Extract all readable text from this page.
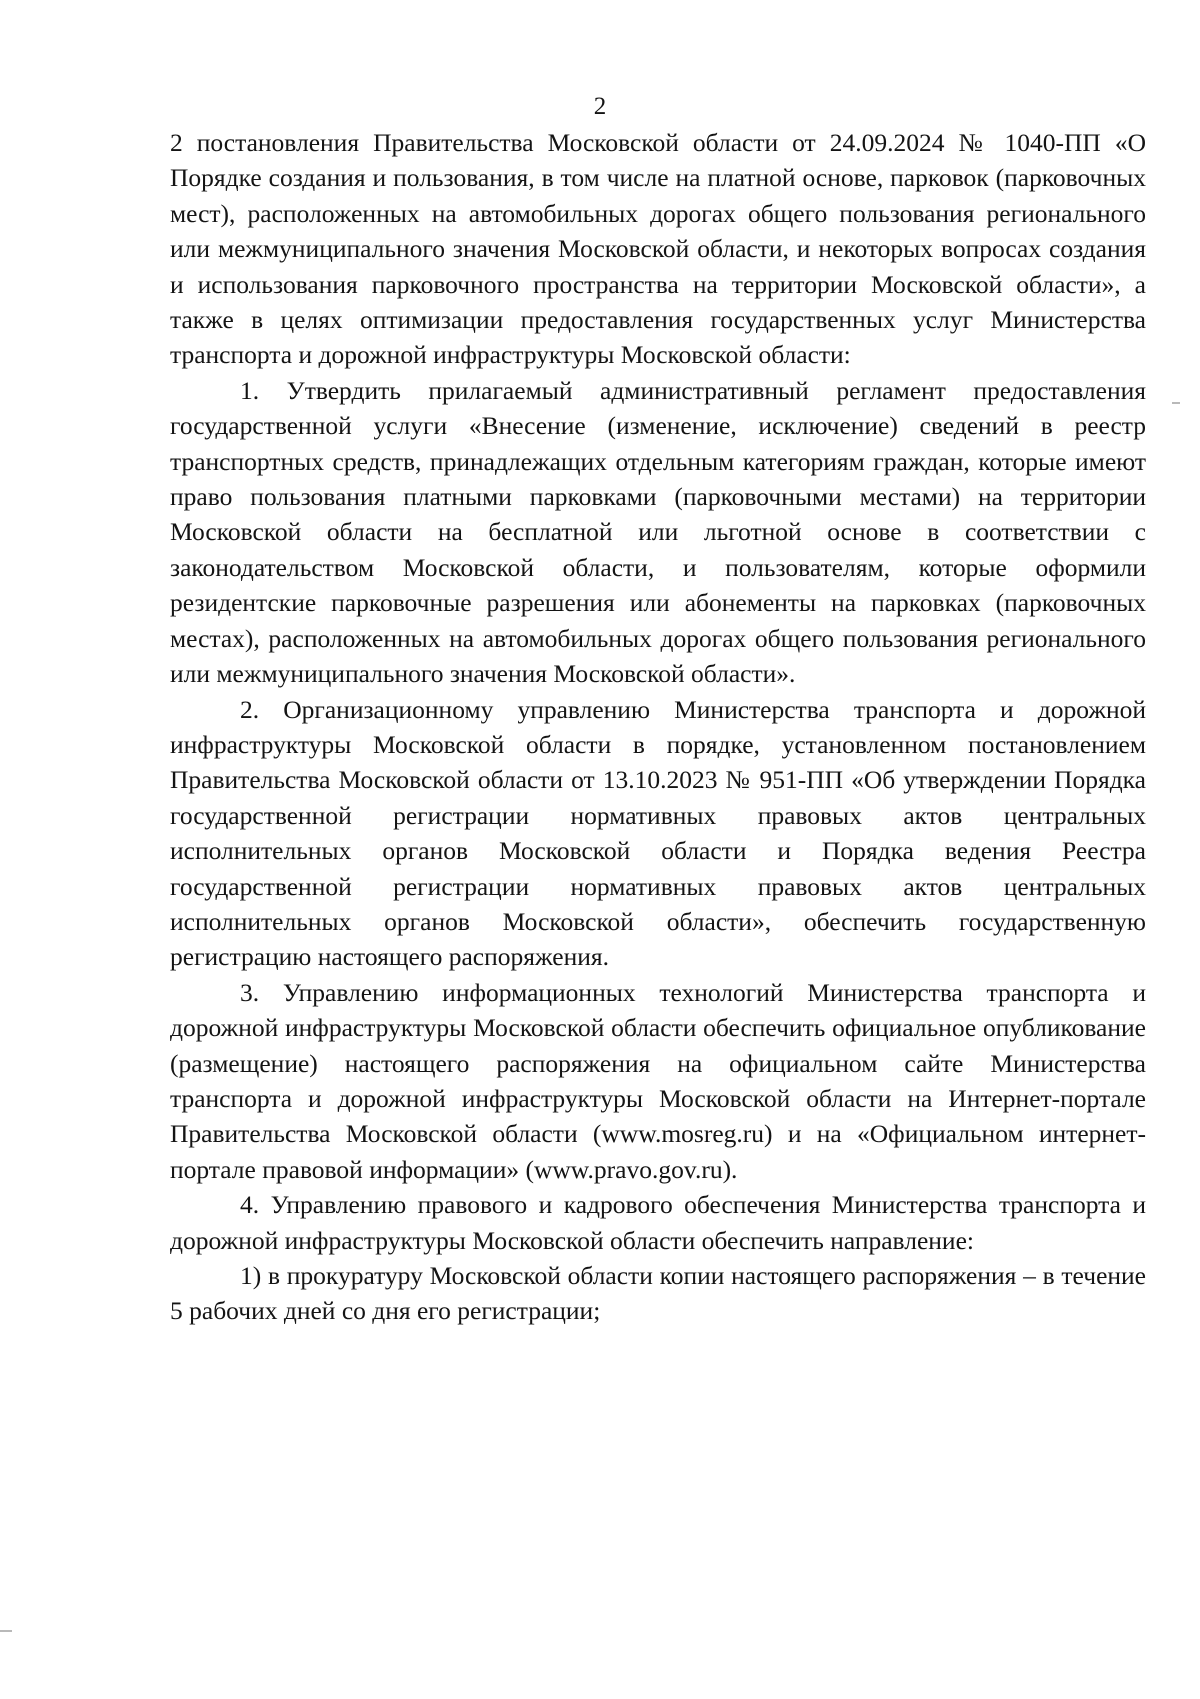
2

2 постановления Правительства Московской области от 24.09.2024 № 1040-ПП «О Порядке создания и пользования, в том числе на платной основе, парковок (парковочных мест), расположенных на автомобильных дорогах общего пользования регионального или межмуниципального значения Московской области, и некоторых вопросах создания и использования парковочного пространства на территории Московской области», а также в целях оптимизации предоставления государственных услуг Министерства транспорта и дорожной инфраструктуры Московской области:

1. Утвердить прилагаемый административный регламент предоставления государственной услуги «Внесение (изменение, исключение) сведений в реестр транспортных средств, принадлежащих отдельным категориям граждан, которые имеют право пользования платными парковками (парковочными местами) на территории Московской области на бесплатной или льготной основе в соответствии с законодательством Московской области, и пользователям, которые оформили резидентские парковочные разрешения или абонементы на парковках (парковочных местах), расположенных на автомобильных дорогах общего пользования регионального или межмуниципального значения Московской области».

2. Организационному управлению Министерства транспорта и дорожной инфраструктуры Московской области в порядке, установленном постановлением Правительства Московской области от 13.10.2023 № 951-ПП «Об утверждении Порядка государственной регистрации нормативных правовых актов центральных исполнительных органов Московской области и Порядка ведения Реестра государственной регистрации нормативных правовых актов центральных исполнительных органов Московской области», обеспечить государственную регистрацию настоящего распоряжения.

3. Управлению информационных технологий Министерства транспорта и дорожной инфраструктуры Московской области обеспечить официальное опубликование (размещение) настоящего распоряжения на официальном сайте Министерства транспорта и дорожной инфраструктуры Московской области на Интернет-портале Правительства Московской области (www.mosreg.ru) и на «Официальном интернет-портале правовой информации» (www.pravo.gov.ru).

4. Управлению правового и кадрового обеспечения Министерства транспорта и дорожной инфраструктуры Московской области обеспечить направление:

1) в прокуратуру Московской области копии настоящего распоряжения – в течение 5 рабочих дней со дня его регистрации;
